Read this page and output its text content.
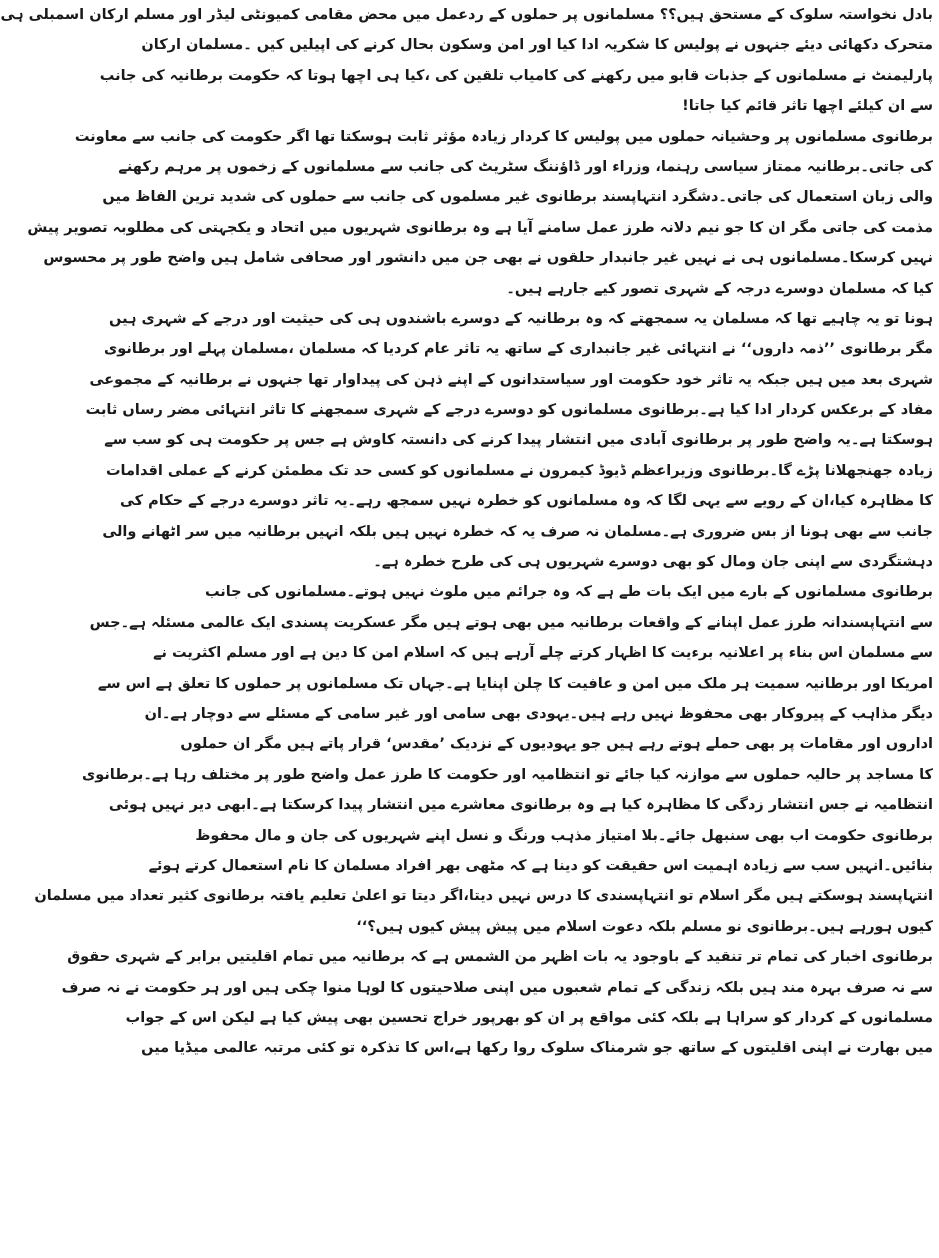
بادل نخواستہ سلوک کے مستحق ہیں؟؟ مسلمانوں پر حملوں کے ردعمل میں محض مقامی کمیونٹی لیڈر اور مسلم ارکان اسمبلی ہی
متحرک دکھائی دیئے جنہوں نے پولیس کا شکریہ ادا کیا اور امن وسکون بحال کرنے کی اپیلیں کیں ۔مسلمان ارکان
پارلیمنٹ نے مسلمانوں کے جذبات قابو میں رکھنے کی کامیاب تلقین کی ،کیا ہی اچھا ہوتا کہ حکومت برطانیہ کی جانب
سے ان کیلئے اچھا تاثر قائم کیا جاتا!
برطانوی مسلمانوں پر وحشیانہ حملوں میں پولیس کا کردار زیادہ مؤثر ثابت ہوسکتا تھا اگر حکومت کی جانب سے معاونت
کی جاتی۔برطانیہ ممتاز سیاسی رہنما، وزراء اور ڈاؤننگ سٹریٹ کی جانب سے مسلمانوں کے زخموں پر مرہم رکھنے
والی زبان استعمال کی جاتی۔دشگرد انتہاپسند برطانوی غیر مسلموں کی جانب سے حملوں کی شدید ترین الفاظ میں
مذمت کی جاتی مگر ان کا جو نیم دلانہ طرز عمل سامنے آیا ہے وہ برطانوی شہریوں میں اتحاد و یکجہتی کی مطلوبہ تصویر پیش
نہیں کرسکا۔مسلمانوں ہی نے نہیں غیر جانبدار حلقوں نے بھی جن میں دانشور اور صحافی شامل ہیں واضح طور پر محسوس
کیا کہ مسلمان دوسرے درجہ کے شہری تصور کیے جارہے ہیں۔
ہونا تو یہ چاہیے تھا کہ مسلمان یہ سمجھتے کہ وہ برطانیہ کے دوسرے باشندوں ہی کی حیثیت اور درجے کے شہری ہیں
مگر برطانوی ’’ذمہ داروں‘‘ نے انتہائی غیر جانبداری کے ساتھ یہ تاثر عام کردیا کہ مسلمان ،مسلمان پہلے اور برطانوی
شہری بعد میں ہیں جبکہ یہ تاثر خود حکومت اور سیاستدانوں کے اپنے ذہن کی پیداوار تھا جنہوں نے برطانیہ کے مجموعی
مفاد کے برعکس کردار ادا کیا ہے۔برطانوی مسلمانوں کو دوسرے درجے کے شہری سمجھنے کا تاثر انتہائی مضر رساں ثابت
ہوسکتا ہے۔یہ واضح طور پر برطانوی آبادی میں انتشار پیدا کرنے کی دانستہ کاوش ہے جس پر حکومت ہی کو سب سے
زیادہ جھنجھلانا پڑے گا۔برطانوی وزیراعظم ڈیوڈ کیمرون نے مسلمانوں کو کسی حد تک مطمئن کرنے کے عملی اقدامات
کا مظاہرہ کیا،ان کے رویے سے یہی لگا کہ وہ مسلمانوں کو خطرہ نہیں سمجھ رہے۔یہ تاثر دوسرے درجے کے حکام کی
جانب سے بھی ہونا از بس ضروری ہے۔مسلمان نہ صرف یہ کہ خطرہ نہیں ہیں بلکہ انہیں برطانیہ میں سر اٹھانے والی
دہشتگردی سے اپنی جان ومال کو بھی دوسرے شہریوں ہی کی طرح خطرہ ہے۔
برطانوی مسلمانوں کے بارے میں ایک بات طے ہے کہ وہ جرائم میں ملوث نہیں ہوتے۔مسلمانوں کی جانب
سے انتہاپسندانہ طرز عمل اپنانے کے واقعات برطانیہ میں بھی ہوتے ہیں مگر عسکریت پسندی ایک عالمی مسئلہ ہے۔جس
سے مسلمان اس بناء پر اعلانیہ برءیت کا اظہار کرتے چلے آرہے ہیں کہ اسلام امن کا دین ہے اور مسلم اکثریت نے
امریکا اور برطانیہ سمیت ہر ملک میں امن و عافیت کا چلن اپنایا ہے۔جہاں تک مسلمانوں پر حملوں کا تعلق ہے اس سے
دیگر مذاہب کے پیروکار بھی محفوظ نہیں رہے ہیں۔یہودی بھی سامی اور غیر سامی کے مسئلے سے دوچار ہے۔ان
اداروں اور مقامات پر بھی حملے ہوتے رہے ہیں جو یہودیوں کے نزدیک ’مقدس‘ قرار پاتے ہیں مگر ان حملوں
کا مساجد پر حالیہ حملوں سے موازنہ کیا جائے تو انتظامیہ اور حکومت کا طرز عمل واضح طور پر مختلف رہا ہے۔برطانوی
انتظامیہ نے جس انتشار زدگی کا مظاہرہ کیا ہے وہ برطانوی معاشرے میں انتشار پیدا کرسکتا ہے۔ابھی دیر نہیں ہوئی
برطانوی حکومت اب بھی سنبھل جائے۔بلا امتیاز مذہب ورنگ و نسل اپنے شہریوں کی جان و مال محفوظ
بنائیں۔انہیں سب سے زیادہ اہمیت اس حقیقت کو دینا ہے کہ مٹھی بھر افراد مسلمان کا نام استعمال کرتے ہوئے
انتہاپسند ہوسکتے ہیں مگر اسلام تو انتہاپسندی کا درس نہیں دیتا،اگر دیتا تو اعلیٰ تعلیم یافتہ برطانوی کثیر تعداد میں مسلمان
کیوں ہورہے ہیں۔برطانوی نو مسلم بلکہ دعوت اسلام میں پیش پیش کیوں ہیں؟‘‘
برطانوی اخبار کی تمام تر تنقید کے باوجود یہ بات اظہر من الشمس ہے کہ برطانیہ میں تمام اقلیتیں برابر کے شہری حقوق
سے نہ صرف بہرہ مند ہیں بلکہ زندگی کے تمام شعبوں میں اپنی صلاحیتوں کا لوہا منوا چکی ہیں اور ہر حکومت نے نہ صرف
مسلمانوں کے کردار کو سراہا ہے بلکہ کئی مواقع پر ان کو بھرپور خراج تحسین بھی پیش کیا ہے لیکن اس کے جواب
میں بھارت نے اپنی اقلیتوں کے ساتھ جو شرمناک سلوک روا رکھا ہے،اس کا تذکرہ تو کئی مرتبہ عالمی میڈیا میں
